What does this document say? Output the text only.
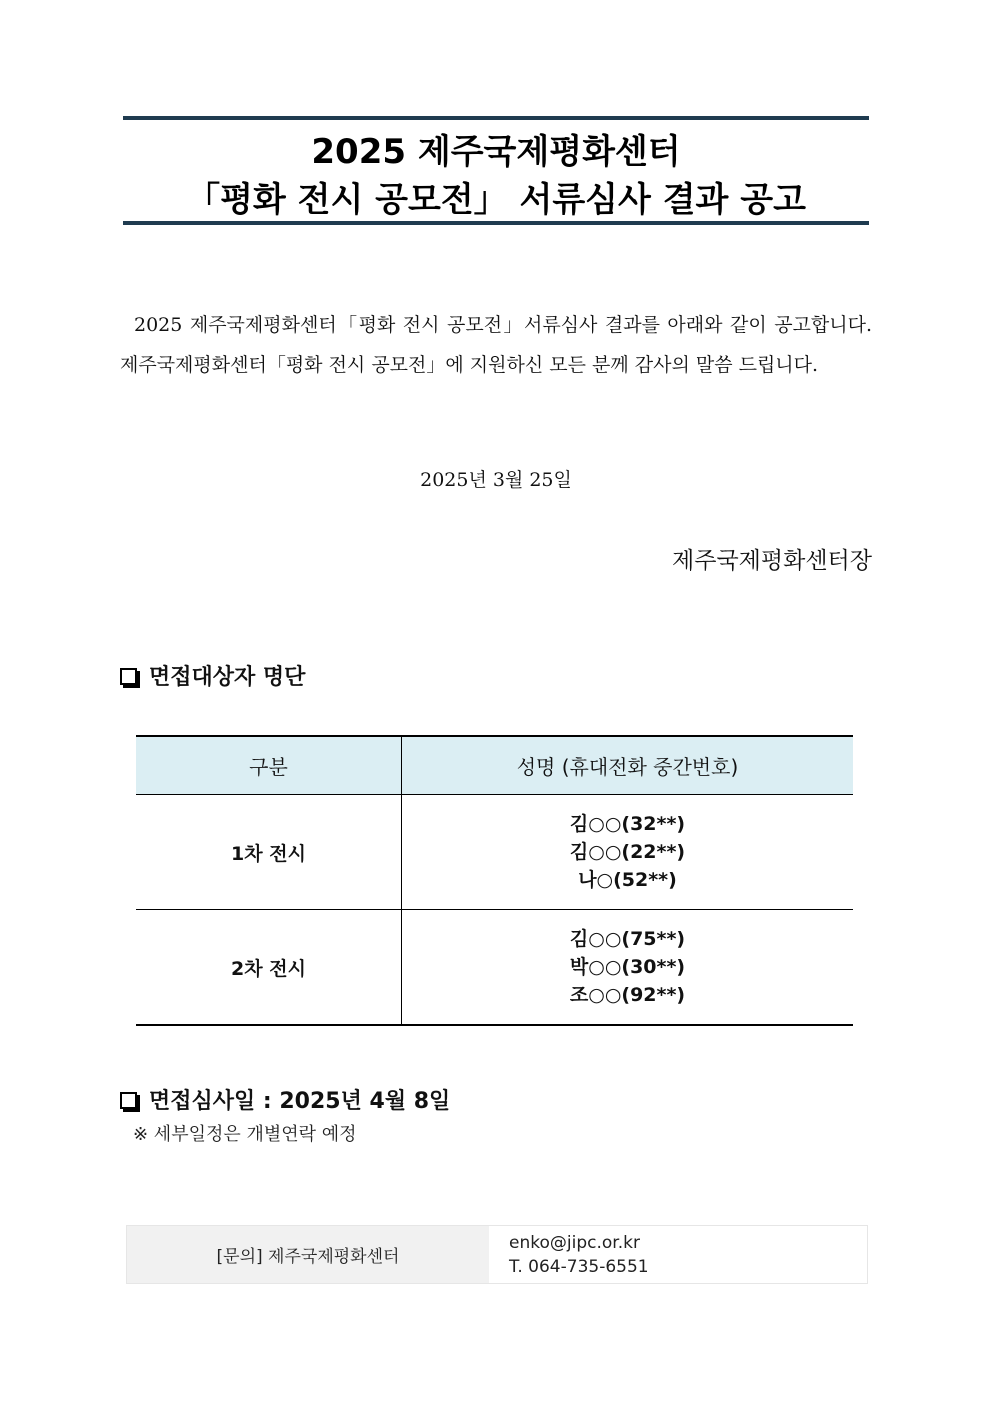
2025 제주국제평화센터
「평화 전시 공모전」 서류심사 결과 공고

2025 제주국제평화센터「평화 전시 공모전」서류심사 결과를 아래와 같이 공고합니다. 제주국제평화센터「평화 전시 공모전」에 지원하신 모든 분께 감사의 말씀 드립니다.

2025년 3월 25일
제주국제평화센터장
면접대상자 명단
구분	성명 (휴대전화 중간번호)
1차 전시	김○○(32**)
김○○(22**)
나○(52**)

2차 전시	김○○(75**)
박○○(30**)
조○○(92**)
면접심사일 : 2025년 4월 8일
※ 세부일정은 개별연락 예정
[문의] 제주국제평화센터
enko@jipc.or.kr
T. 064-735-6551
